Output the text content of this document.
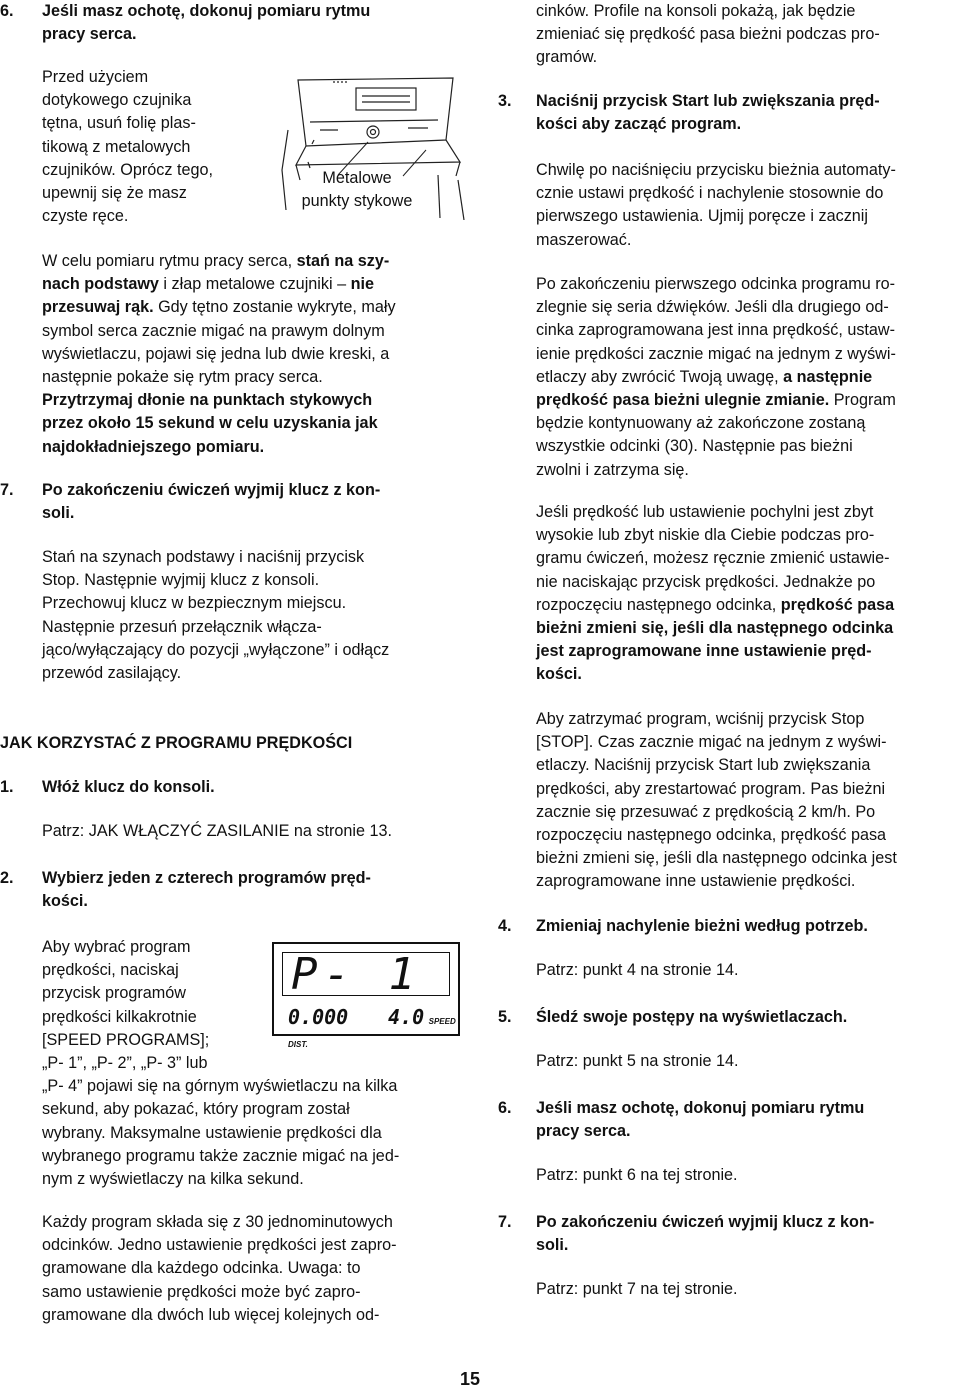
6. Jeśli masz ochotę, dokonuj pomiaru rytmu
pracy serca.
Przed użyciem
dotykowego czujnika
tętna, usuń folię plas-
tikową z metalowych
czujników. Oprócz tego,
upewnij się że masz
czyste ręce.
Metalowe
punkty stykowe
W celu pomiaru rytmu pracy serca, stań na szy-
nach podstawy i złap metalowe czujniki – nie
przesuwaj rąk. Gdy tętno zostanie wykryte, mały
symbol serca zacznie migać na prawym dolnym
wyświetlaczu, pojawi się jedna lub dwie kreski, a
następnie pokaże się rytm pracy serca.
Przytrzymaj dłonie na punktach stykowych
przez około 15 sekund w celu uzyskania jak
najdokładniejszego pomiaru.
7. Po zakończeniu ćwiczeń wyjmij klucz z kon-
soli.
Stań na szynach podstawy i naciśnij przycisk
Stop. Następnie wyjmij klucz z konsoli.
Przechowuj klucz w bezpiecznym miejscu.
Następnie przesuń przełącznik włącza-
jąco/wyłączający do pozycji „wyłączone” i odłącz
przewód zasilający.
JAK KORZYSTAĆ Z PROGRAMU PRĘDKOŚCI
1. Włóż klucz do konsoli.
Patrz: JAK WŁĄCZYĆ ZASILANIE na stronie 13.
2. Wybierz jeden z czterech programów pręd-
kości.
Aby wybrać program
prędkości, naciskaj
przycisk programów
prędkości kilkakrotnie
[SPEED PROGRAMS];
„P- 1”, „P- 2”, „P- 3” lub
„P- 4” pojawi się na górnym wyświetlaczu na kilka
sekund, aby pokazać, który program został
wybrany. Maksymalne ustawienie prędkości dla
wybranego programu także zacznie migać na jed-
nym z wyświetlaczy na kilka sekund.
P- 1
0.000 DIST.
4.0 SPEED
Każdy program składa się z 30 jednominutowych
odcinków. Jedno ustawienie prędkości jest zapro-
gramowane dla każdego odcinka. Uwaga: to
samo ustawienie prędkości może być zapro-
gramowane dla dwóch lub więcej kolejnych od-
cinków. Profile na konsoli pokażą, jak będzie
zmieniać się prędkość pasa bieżni podczas pro-
gramów.
3. Naciśnij przycisk Start lub zwiększania pręd-
kości aby zacząć program.
Chwilę po naciśnięciu przycisku bieżnia automaty-
cznie ustawi prędkość i nachylenie stosownie do
pierwszego ustawienia. Ujmij poręcze i zacznij
maszerować.
Po zakończeniu pierwszego odcinka programu ro-
zlegnie się seria dźwięków. Jeśli dla drugiego od-
cinka zaprogramowana jest inna prędkość, ustaw-
ienie prędkości zacznie migać na jednym z wyświ-
etlaczy aby zwrócić Twoją uwagę, a następnie
prędkość pasa bieżni ulegnie zmianie. Program
będzie kontynuowany aż zakończone zostaną
wszystkie odcinki (30). Następnie pas bieżni
zwolni i zatrzyma się.
Jeśli prędkość lub ustawienie pochylni jest zbyt
wysokie lub zbyt niskie dla Ciebie podczas pro-
gramu ćwiczeń, możesz ręcznie zmienić ustawie-
nie naciskając przycisk prędkości. Jednakże po
rozpoczęciu następnego odcinka, prędkość pasa
bieżni zmieni się, jeśli dla następnego odcinka
jest zaprogramowane inne ustawienie pręd-
kości.
Aby zatrzymać program, wciśnij przycisk Stop
[STOP]. Czas zacznie migać na jednym z wyświ-
etlaczy. Naciśnij przycisk Start lub zwiększania
prędkości, aby zrestartować program. Pas bieżni
zacznie się przesuwać z prędkością 2 km/h. Po
rozpoczęciu następnego odcinka, prędkość pasa
bieżni zmieni się, jeśli dla następnego odcinka jest
zaprogramowane inne ustawienie prędkości.
4. Zmieniaj nachylenie bieżni według potrzeb.
Patrz: punkt 4 na stronie 14.
5. Śledź swoje postępy na wyświetlaczach.
Patrz: punkt 5 na stronie 14.
6. Jeśli masz ochotę, dokonuj pomiaru rytmu
pracy serca.
Patrz: punkt 6 na tej stronie.
7. Po zakończeniu ćwiczeń wyjmij klucz z kon-
soli.
Patrz: punkt 7 na tej stronie.
15
